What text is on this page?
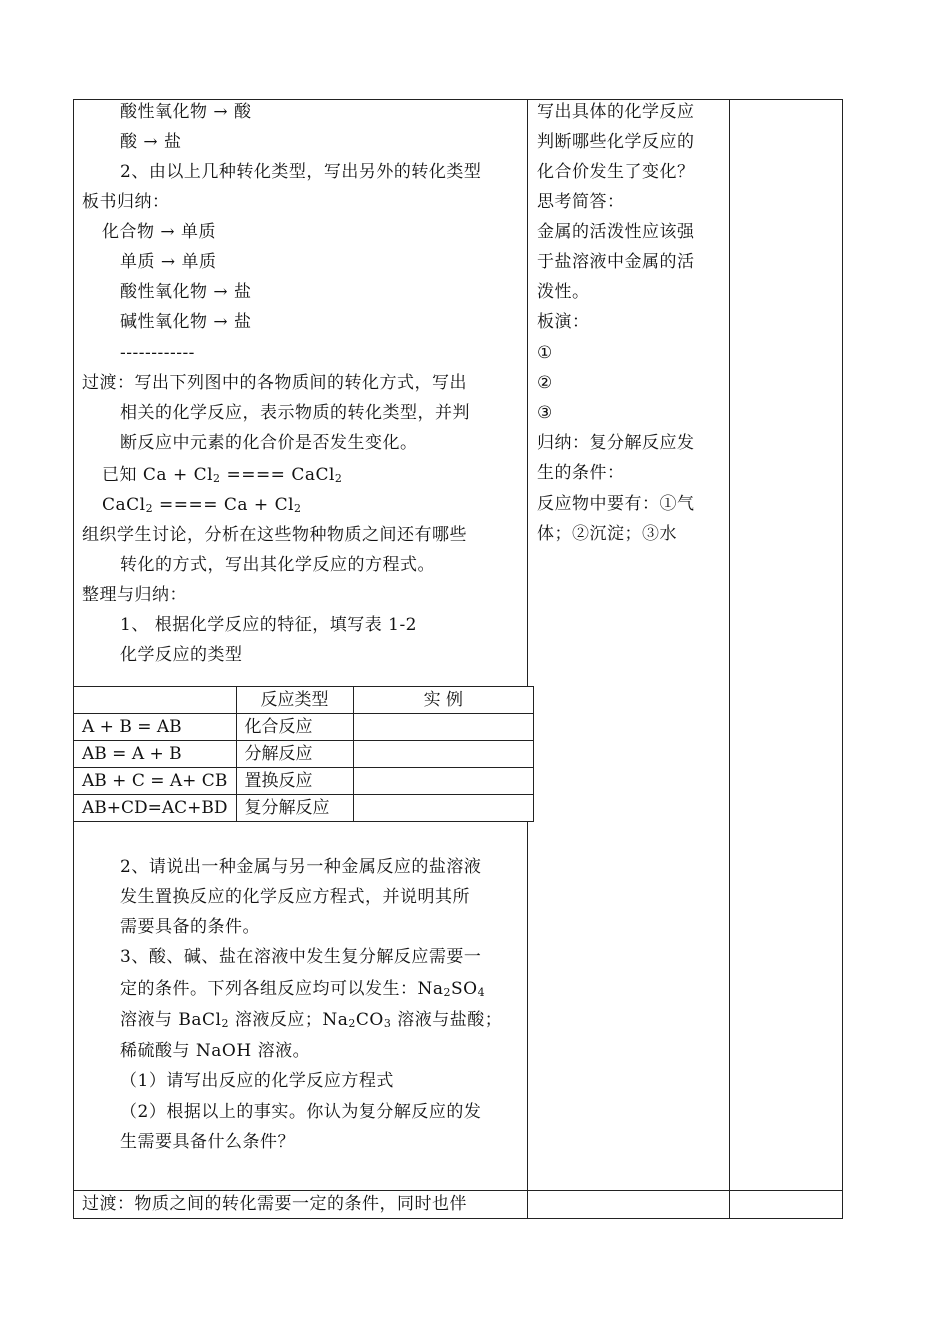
酸性氧化物 → 酸
酸 → 盐
2、由以上几种转化类型，写出另外的转化类型
板书归纳：
化合物 → 单质
单质 → 单质
酸性氧化物 → 盐
碱性氧化物 → 盐
------------
过渡：写出下列图中的各物质间的转化方式，写出
相关的化学反应，表示物质的转化类型，并判
断反应中元素的化合价是否发生变化。
已知 $Ca + Cl_2$ ==== CaCl$_2$
CaCl$_2$ ==== $Ca + Cl_2$
组织学生讨论，分析在这些物种物质之间还有哪些
转化的方式，写出其化学反应的方程式。
整理与归纳：
1、 根据化学反应的特征，填写表 1-2
化学反应的类型
	反应类型	实 例
A + B = AB	化合反应	
AB = A + B	分解反应	
AB + C = A+ CB	置换反应	
AB+CD=AC+BD	复分解反应	
2、请说出一种金属与另一种金属反应的盐溶液
发生置换反应的化学反应方程式，并说明其所
需要具备的条件。
3、酸、碱、盐在溶液中发生复分解反应需要一
定的条件。下列各组反应均可以发生：$Na_2SO_4$
溶液与 BaCl$_2$ 溶液反应；$Na_2CO_3$ 溶液与盐酸；
稀硫酸与 NaOH 溶液。
（1）请写出反应的化学反应方程式
（2）根据以上的事实。你认为复分解反应的发
生需要具备什么条件？
过渡：物质之间的转化需要一定的条件，同时也伴
写出具体的化学反应
判断哪些化学反应的
化合价发生了变化？
思考简答：
金属的活泼性应该强
于盐溶液中金属的活
泼性。
板演：
①
②
③
归纳：复分解反应发
生的条件：
反应物中要有：①气
体；②沉淀；③水
